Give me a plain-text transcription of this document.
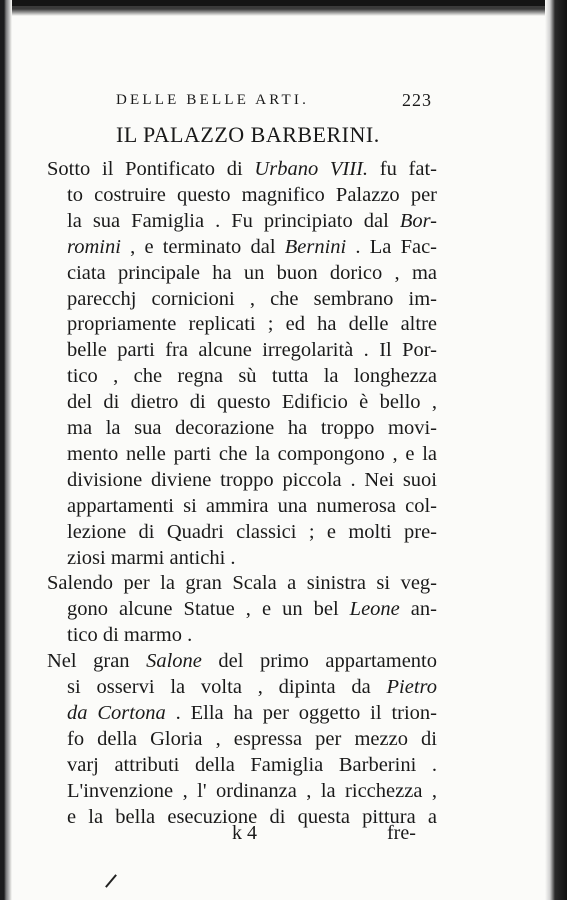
DELLE BELLE ARTI.	223
IL PALAZZO BARBERINI.
Sotto il Pontificato di Urbano VIII. fu fat-
to costruire questo magnifico Palazzo per
la sua Famiglia . Fu principiato dal Bor-
romini , e terminato dal Bernini . La Fac-
ciata principale ha un buon dorico , ma
parecchj cornicioni , che sembrano im-
propriamente replicati ; ed ha delle altre
belle parti fra alcune irregolarità . Il Por-
tico , che regna sù tutta la longhezza
del di dietro di questo Edificio è bello ,
ma la sua decorazione ha troppo movi-
mento nelle parti che la compongono , e la
divisione diviene troppo piccola . Nei suoi
appartamenti si ammira una numerosa col-
lezione di Quadri classici ; e molti pre-
ziosi marmi antichi .
Salendo per la gran Scala a sinistra si veg-
gono alcune Statue , e un bel Leone an-
tico di marmo .
Nel gran Salone del primo appartamento
si osservi la volta , dipinta da Pietro
da Cortona . Ella ha per oggetto il trion-
fo della Gloria , espressa per mezzo di
varj attributi della Famiglia Barberini .
L'invenzione , l' ordinanza , la ricchezza ,
e la bella esecuzione di questa pittura a
k 4	fre-
